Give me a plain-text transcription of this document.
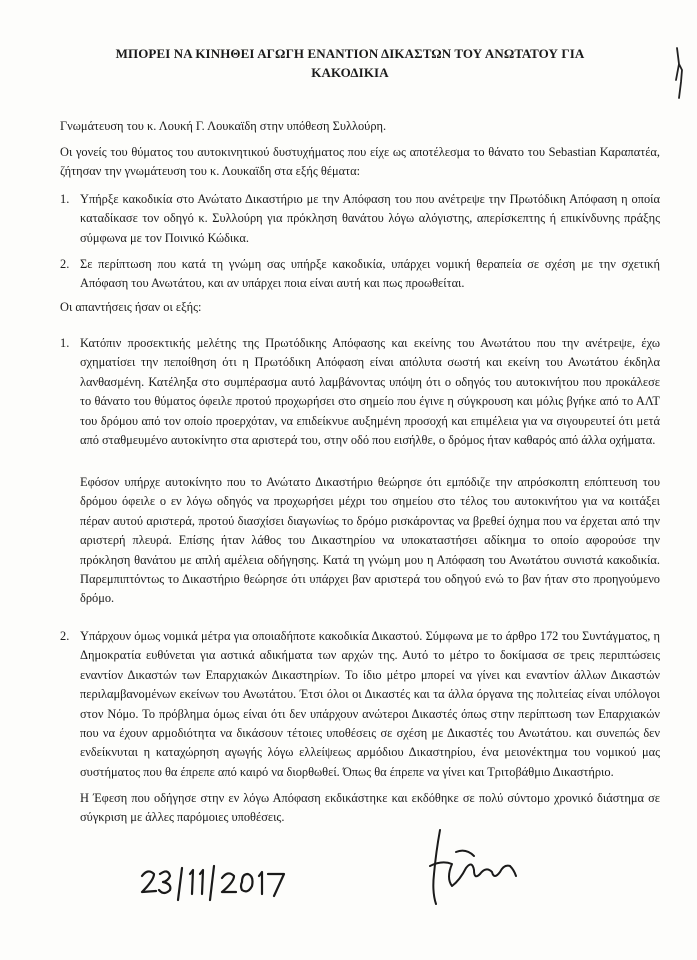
ΜΠΟΡΕΙ ΝΑ ΚΙΝΗΘΕΙ ΑΓΩΓΗ ΕΝΑΝΤΙΟΝ ΔΙΚΑΣΤΩΝ ΤΟΥ ΑΝΩΤΑΤΟΥ ΓΙΑ
ΚΑΚΟΔΙΚΙΑ

Γνωμάτευση του κ. Λουκή Γ. Λουκαϊδη στην υπόθεση Συλλούρη.

Οι γονείς του θύματος του αυτοκινητικού δυστυχήματος που είχε ως αποτέλεσμα το θάνατο του Sebastian Καραπατέα, ζήτησαν την γνωμάτευση του κ. Λουκαϊδη στα εξής θέματα:

1. Υπήρξε κακοδικία στο Ανώτατο Δικαστήριο με την Απόφαση του που ανέτρεψε την Πρωτόδικη Απόφαση η οποία καταδίκασε τον οδηγό κ. Συλλούρη για πρόκληση θανάτου λόγω αλόγιστης, απερίσκεπτης ή επικίνδυνης πράξης σύμφωνα με τον Ποινικό Κώδικα.

2. Σε περίπτωση που κατά τη γνώμη σας υπήρξε κακοδικία, υπάρχει νομική θεραπεία σε σχέση με την σχετική Απόφαση του Ανωτάτου, και αν υπάρχει ποια είναι αυτή και πως προωθείται.

Οι απαντήσεις ήσαν οι εξής:

1. Κατόπιν προσεκτικής μελέτης της Πρωτόδικης Απόφασης και εκείνης του Ανωτάτου που την ανέτρεψε, έχω σχηματίσει την πεποίθηση ότι η Πρωτόδικη Απόφαση είναι απόλυτα σωστή και εκείνη του Ανωτάτου έκδηλα λανθασμένη. Κατέληξα στο συμπέρασμα αυτό λαμβάνοντας υπόψη ότι ο οδηγός του αυτοκινήτου που προκάλεσε το θάνατο του θύματος όφειλε προτού προχωρήσει στο σημείο που έγινε η σύγκρουση και μόλις βγήκε από το ΑΛΤ του δρόμου από τον οποίο προερχόταν, να επιδείκνυε αυξημένη προσοχή και επιμέλεια για να σιγουρευτεί ότι μετά από σταθμευμένο αυτοκίνητο στα αριστερά του, στην οδό που εισήλθε, ο δρόμος ήταν καθαρός από άλλα οχήματα.

Εφόσον υπήρχε αυτοκίνητο που το Ανώτατο Δικαστήριο θεώρησε ότι εμπόδιζε την απρόσκοπτη επόπτευση του δρόμου όφειλε ο εν λόγω οδηγός να προχωρήσει μέχρι του σημείου στο τέλος του αυτοκινήτου για να κοιτάξει πέραν αυτού αριστερά, προτού διασχίσει διαγωνίως το δρόμο ρισκάροντας να βρεθεί όχημα που να έρχεται από την αριστερή πλευρά. Επίσης ήταν λάθος του Δικαστηρίου να υποκαταστήσει αδίκημα το οποίο αφορούσε την πρόκληση θανάτου με απλή αμέλεια οδήγησης. Κατά τη γνώμη μου η Απόφαση του Ανωτάτου συνιστά κακοδικία. Παρεμπιπτόντως το Δικαστήριο θεώρησε ότι υπάρχει βαν αριστερά του οδηγού ενώ το βαν ήταν στο προηγούμενο δρόμο.

2. Υπάρχουν όμως νομικά μέτρα για οποιαδήποτε κακοδικία Δικαστού. Σύμφωνα με το άρθρο 172 του Συντάγματος, η Δημοκρατία ευθύνεται για αστικά αδικήματα των αρχών της. Αυτό το μέτρο το δοκίμασα σε τρεις περιπτώσεις εναντίον Δικαστών των Επαρχιακών Δικαστηρίων. Το ίδιο μέτρο μπορεί να γίνει και εναντίον άλλων Δικαστών περιλαμβανομένων εκείνων του Ανωτάτου. Έτσι όλοι οι Δικαστές και τα άλλα όργανα της πολιτείας είναι υπόλογοι στον Νόμο. Το πρόβλημα όμως είναι ότι δεν υπάρχουν ανώτεροι Δικαστές όπως στην περίπτωση των Επαρχιακών που να έχουν αρμοδιότητα να δικάσουν τέτοιες υποθέσεις σε σχέση με Δικαστές του Ανωτάτου. και συνεπώς δεν ενδείκνυται η καταχώρηση αγωγής λόγω ελλείψεως αρμόδιου Δικαστηρίου, ένα μειονέκτημα του νομικού μας συστήματος που θα έπρεπε από καιρό να διορθωθεί. Όπως θα έπρεπε να γίνει και Τριτοβάθμιο Δικαστήριο.

Η Έφεση που οδήγησε στην εν λόγω Απόφαση εκδικάστηκε και εκδόθηκε σε πολύ σύντομο χρονικό διάστημα σε σύγκριση με άλλες παρόμοιες υποθέσεις.
